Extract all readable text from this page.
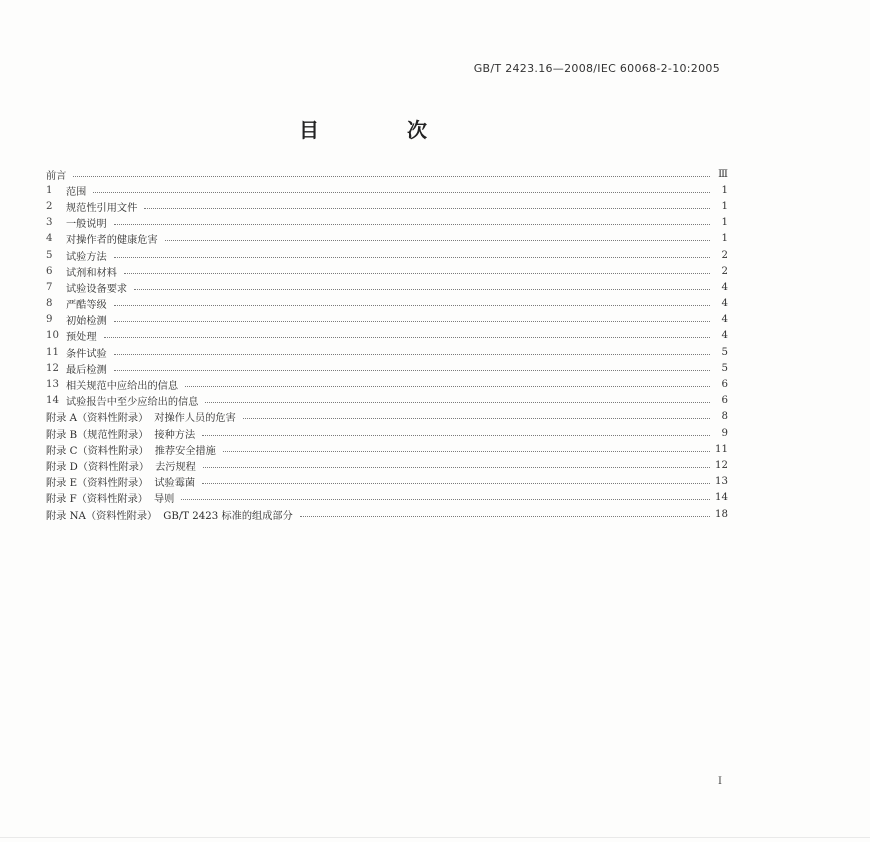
GB/T 2423.16—2008/IEC 60068-2-10:2005
目　次
前言	Ⅲ
1	范围	1
2	规范性引用文件	1
3	一般说明	1
4	对操作者的健康危害	1
5	试验方法	2
6	试剂和材料	2
7	试验设备要求	4
8	严酷等级	4
9	初始检测	4
10 预处理	4
11 条件试验	5
12 最后检测	5
13 相关规范中应给出的信息	6
14 试验报告中至少应给出的信息	6
附录 A（资料性附录） 对操作人员的危害	8
附录 B（规范性附录） 接种方法	9
附录 C（资料性附录） 推荐安全措施	11
附录 D（资料性附录） 去污规程	12
附录 E（资料性附录） 试验霉菌	13
附录 F（资料性附录） 导则	14
附录 NA（资料性附录） GB/T 2423 标准的组成部分	18
I
